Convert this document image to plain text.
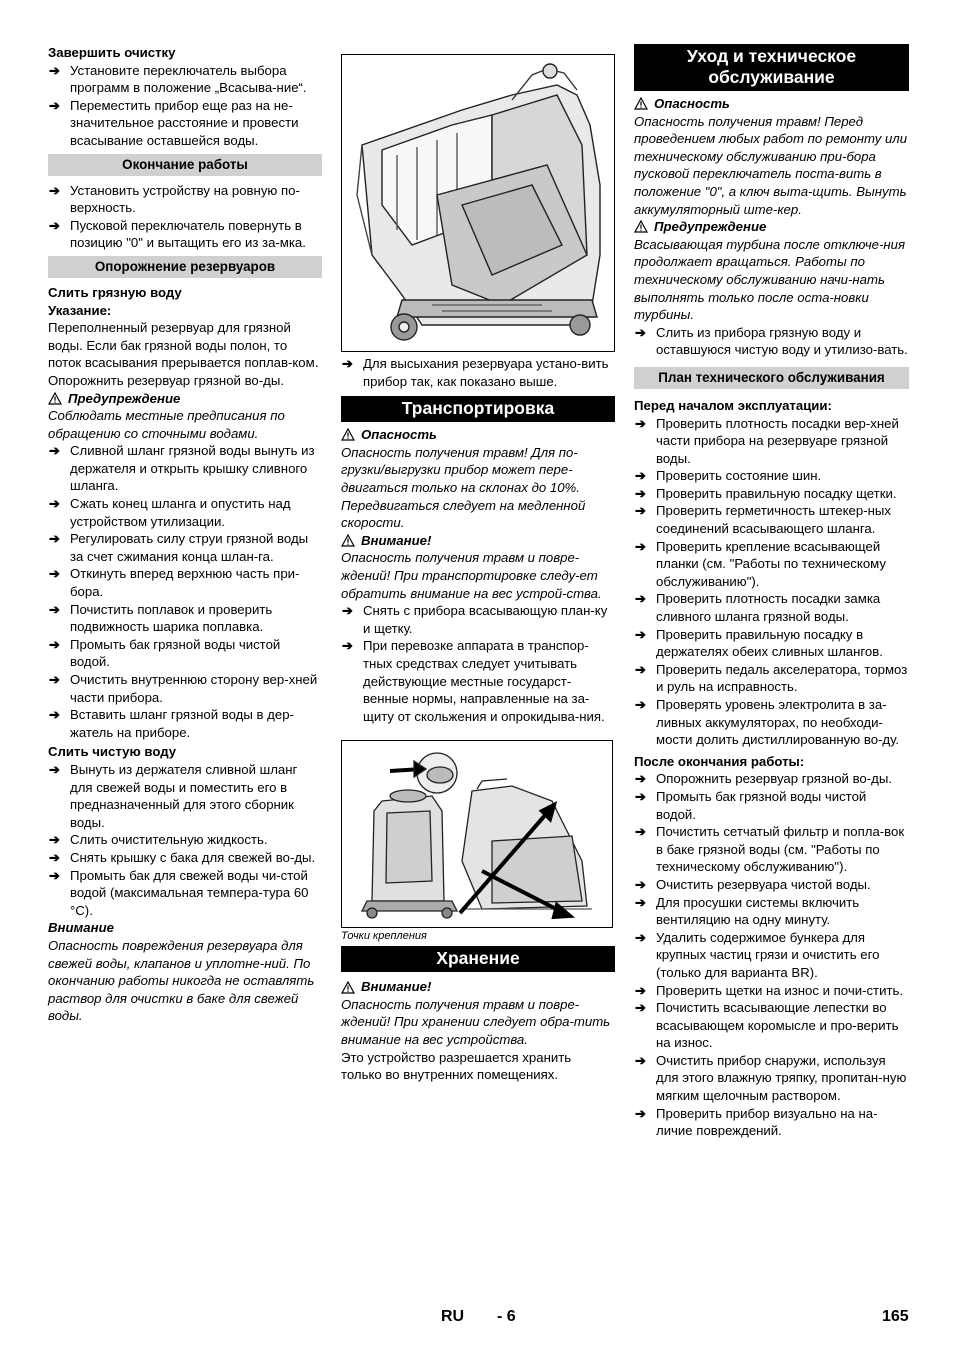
Завершить очистку

➔ Установите переключатель выбора программ в положение „Всасыва-ние“.
➔ Переместить прибор еще раз на не-значительное расстояние и провести всасывание оставшейся воды.
Окончание работы
➔ Установить устройству на ровную по-верхность.
➔ Пусковой переключатель повернуть в позицию "0" и вытащить его из за-мка.
Опорожнение резервуаров

Слить грязную воду

Указание:

Переполненный резервуар для грязной воды. Если бак грязной воды полон, то поток всасывания прерывается поплав-ком. Опорожнить резервуар грязной во-ды.

Предупреждение

Соблюдать местные предписания по обращению со сточными водами.

➔ Сливной шланг грязной воды вынуть из держателя и открыть крышку сливного шланга.
➔ Сжать конец шланга и опустить над устройством утилизации.
➔ Регулировать силу струи грязной воды за счет сжимания конца шлан-га.
➔ Откинуть вперед верхнюю часть при-бора.
➔ Почистить поплавок и проверить подвижность шарика поплавка.
➔ Промыть бак грязной воды чистой водой.
➔ Очистить внутреннюю сторону вер-хней части прибора.
➔ Вставить шланг грязной воды в дер-жатель на приборе.

Слить чистую воду

➔ Вынуть из держателя сливной шланг для свежей воды и поместить его в предназначенный для этого сборник воды.
➔ Слить очистительную жидкость.
➔ Снять крышку с бака для свежей во-ды.
➔ Промыть бак для свежей воды чи-стой водой (максимальная темпера-тура 60 °C).

Внимание

Опасность повреждения резервуара для свежей воды, клапанов и уплотне-ний. По окончанию работы никогда не оставлять раствор для очистки в баке для свежей воды.

➔ Для высыхания резервуара устано-вить прибор так, как показано выше.
Транспортировка
Опасность

Опасность получения травм! Для по-грузки/выгрузки прибор может пере-двигаться только на склонах до 10%. Передвигаться следует на медленной скорости.

Внимание!

Опасность получения травм и повре-ждений! При транспортировке следу-ет обратить внимание на вес устрой-ства.

➔ Снять с прибора всасывающую план-ку и щетку.
➔ При перевозке аппарата в транспор-тных средствах следует учитывать действующие местные государст-венные нормы, направленные на за-щиту от скольжения и опрокидыва-ния.

Точки крепления

Хранение
Внимание!

Опасность получения травм и повре-ждений! При хранении следует обра-тить внимание на вес устройства.

Это устройство разрешается хранить только во внутренних помещениях.

Уход и техническое обслуживание
Опасность

Опасность получения травм! Перед проведением любых работ по ремонту или техническому обслуживанию при-бора пусковой переключатель поста-вить в положение "0", а ключ выта-щить. Вынуть аккумуляторный ште-кер.

Предупреждение

Всасывающая турбина после отключе-ния продолжает вращаться. Работы по техническому обслуживанию начи-нать выполнять только после оста-новки турбины.

➔ Слить из прибора грязную воду и оставшуюся чистую воду и утилизо-вать.
План технического обслуживания

Перед началом эксплуатации:

➔ Проверить плотность посадки вер-хней части прибора на резервуаре грязной воды.
➔ Проверить состояние шин.
➔ Проверить правильную посадку щетки.
➔ Проверить герметичность штекер-ных соединений всасывающего шланга.
➔ Проверить крепление всасывающей планки (см. "Работы по техническому обслуживанию").
➔ Проверить плотность посадки замка сливного шланга грязной воды.
➔ Проверить правильную посадку в держателях обеих сливных шлангов.
➔ Проверить педаль акселератора, тормоз и руль на исправность.
➔ Проверять уровень электролита в за-ливных аккумуляторах, по необходи-мости долить дистиллированную во-ду.

После окончания работы:

➔ Опорожнить резервуар грязной во-ды.
➔ Промыть бак грязной воды чистой водой.
➔ Почистить сетчатый фильтр и попла-вок в баке грязной воды (см. "Работы по техническому обслуживанию").
➔ Очистить резервуара чистой воды.
➔ Для просушки системы включить вентиляцию на одну минуту.
➔ Удалить содержимое бункера для крупных частиц грязи и очистить его (только для варианта BR).
➔ Проверить щетки на износ и почи-стить.
➔ Почистить всасывающие лепестки во всасывающем коромысле и про-верить на износ.
➔ Очистить прибор снаружи, используя для этого влажную тряпку, пропитан-ную мягким щелочным раствором.
➔ Проверить прибор визуально на на-личие повреждений.
RU - 6	165
